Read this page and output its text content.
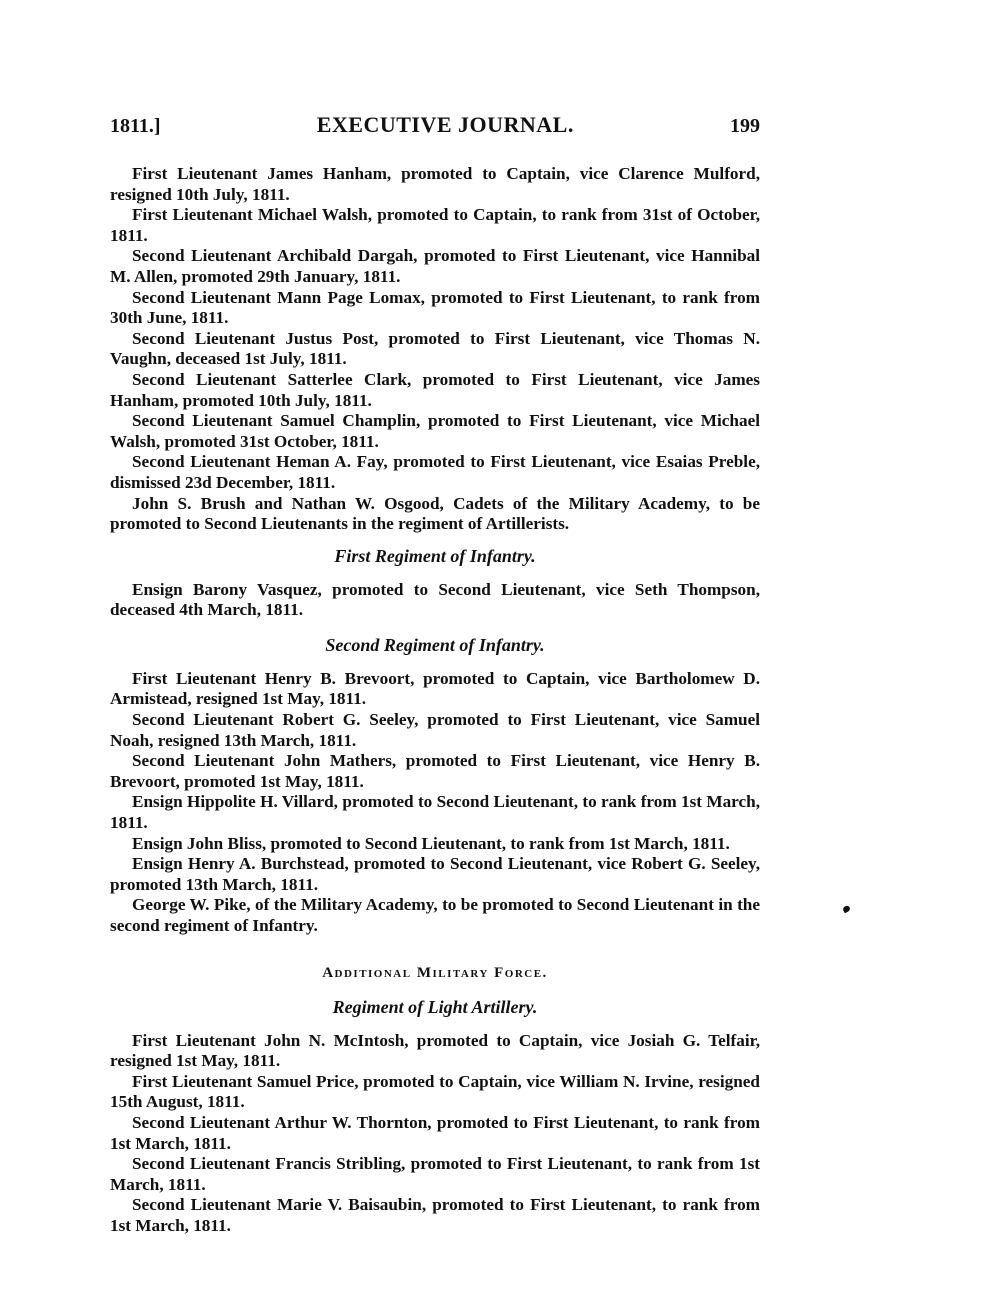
1811.]	EXECUTIVE JOURNAL.	199

First Lieutenant James Hanham, promoted to Captain, vice Clarence Mulford, resigned 10th July, 1811.

First Lieutenant Michael Walsh, promoted to Captain, to rank from 31st of October, 1811.

Second Lieutenant Archibald Dargah, promoted to First Lieutenant, vice Hannibal M. Allen, promoted 29th January, 1811.

Second Lieutenant Mann Page Lomax, promoted to First Lieutenant, to rank from 30th June, 1811.

Second Lieutenant Justus Post, promoted to First Lieutenant, vice Thomas N. Vaughn, deceased 1st July, 1811.

Second Lieutenant Satterlee Clark, promoted to First Lieutenant, vice James Hanham, promoted 10th July, 1811.

Second Lieutenant Samuel Champlin, promoted to First Lieutenant, vice Michael Walsh, promoted 31st October, 1811.

Second Lieutenant Heman A. Fay, promoted to First Lieutenant, vice Esaias Preble, dismissed 23d December, 1811.

John S. Brush and Nathan W. Osgood, Cadets of the Military Academy, to be promoted to Second Lieutenants in the regiment of Artillerists.

First Regiment of Infantry.

Ensign Barony Vasquez, promoted to Second Lieutenant, vice Seth Thompson, deceased 4th March, 1811.

Second Regiment of Infantry.

First Lieutenant Henry B. Brevoort, promoted to Captain, vice Bartholomew D. Armistead, resigned 1st May, 1811.

Second Lieutenant Robert G. Seeley, promoted to First Lieutenant, vice Samuel Noah, resigned 13th March, 1811.

Second Lieutenant John Mathers, promoted to First Lieutenant, vice Henry B. Brevoort, promoted 1st May, 1811.

Ensign Hippolite H. Villard, promoted to Second Lieutenant, to rank from 1st March, 1811.

Ensign John Bliss, promoted to Second Lieutenant, to rank from 1st March, 1811.

Ensign Henry A. Burchstead, promoted to Second Lieutenant, vice Robert G. Seeley, promoted 13th March, 1811.

George W. Pike, of the Military Academy, to be promoted to Second Lieutenant in the second regiment of Infantry.

Additional Military Force.
Regiment of Light Artillery.

First Lieutenant John N. McIntosh, promoted to Captain, vice Josiah G. Telfair, resigned 1st May, 1811.

First Lieutenant Samuel Price, promoted to Captain, vice William N. Irvine, resigned 15th August, 1811.

Second Lieutenant Arthur W. Thornton, promoted to First Lieutenant, to rank from 1st March, 1811.

Second Lieutenant Francis Stribling, promoted to First Lieutenant, to rank from 1st March, 1811.

Second Lieutenant Marie V. Baisaubin, promoted to First Lieutenant, to rank from 1st March, 1811.
